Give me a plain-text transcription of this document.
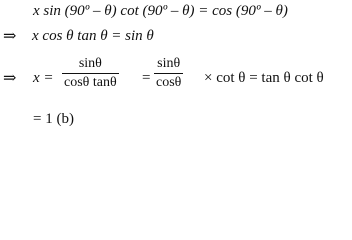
x sin (90º – θ) cot (90º – θ) = cos (90º – θ)
⇒ x cos θ tan θ = sin θ
⇒ x =
sinθ
cosθ tanθ =
sinθ
cosθ × cot θ = tan θ cot θ
= 1 (b)
